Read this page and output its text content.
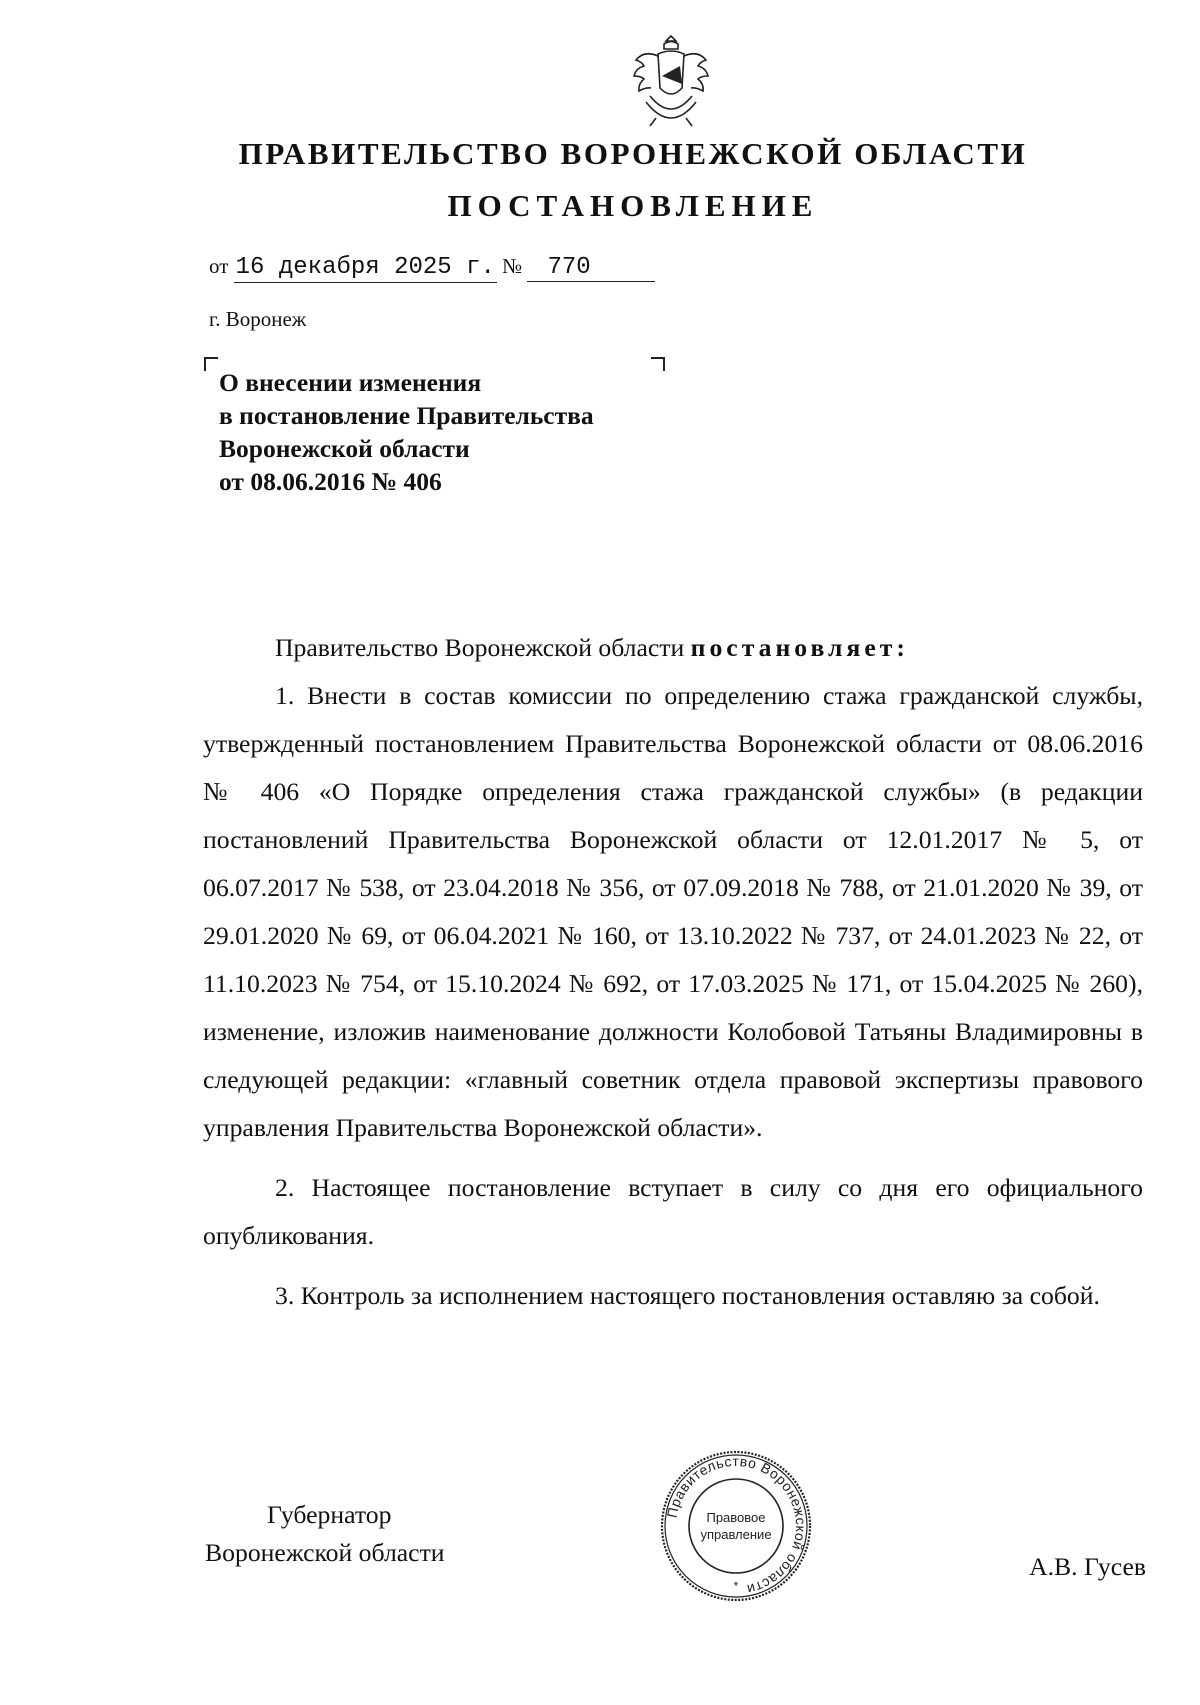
ПРАВИТЕЛЬСТВО ВОРОНЕЖСКОЙ ОБЛАСТИ
ПОСТАНОВЛЕНИЕ
от 16 декабря 2025 г. № 770
г. Воронеж
О внесении изменения
в постановление Правительства
Воронежской области
от 08.06.2016 № 406
Правительство Воронежской области постановляет:

1. Внести в состав комиссии по определению стажа гражданской службы, утвержденный постановлением Правительства Воронежской области от 08.06.2016 № 406 «О Порядке определения стажа гражданской службы» (в редакции постановлений Правительства Воронежской области от 12.01.2017 № 5, от 06.07.2017 № 538, от 23.04.2018 № 356, от 07.09.2018 № 788, от 21.01.2020 № 39, от 29.01.2020 № 69, от 06.04.2021 № 160, от 13.10.2022 № 737, от 24.01.2023 № 22, от 11.10.2023 № 754, от 15.10.2024 № 692, от 17.03.2025 № 171, от 15.04.2025 № 260), изменение, изложив наименование должности Колобовой Татьяны Владимировны в следующей редакции: «главный советник отдела правовой экспертизы правового управления Правительства Воронежской области».

2. Настоящее постановление вступает в силу со дня его официального опубликования.

3. Контроль за исполнением настоящего постановления оставляю за собой.

Губернатор
Воронежской области
Правительство Воронежской области
Правовое
управление
*
А.В. Гусев
